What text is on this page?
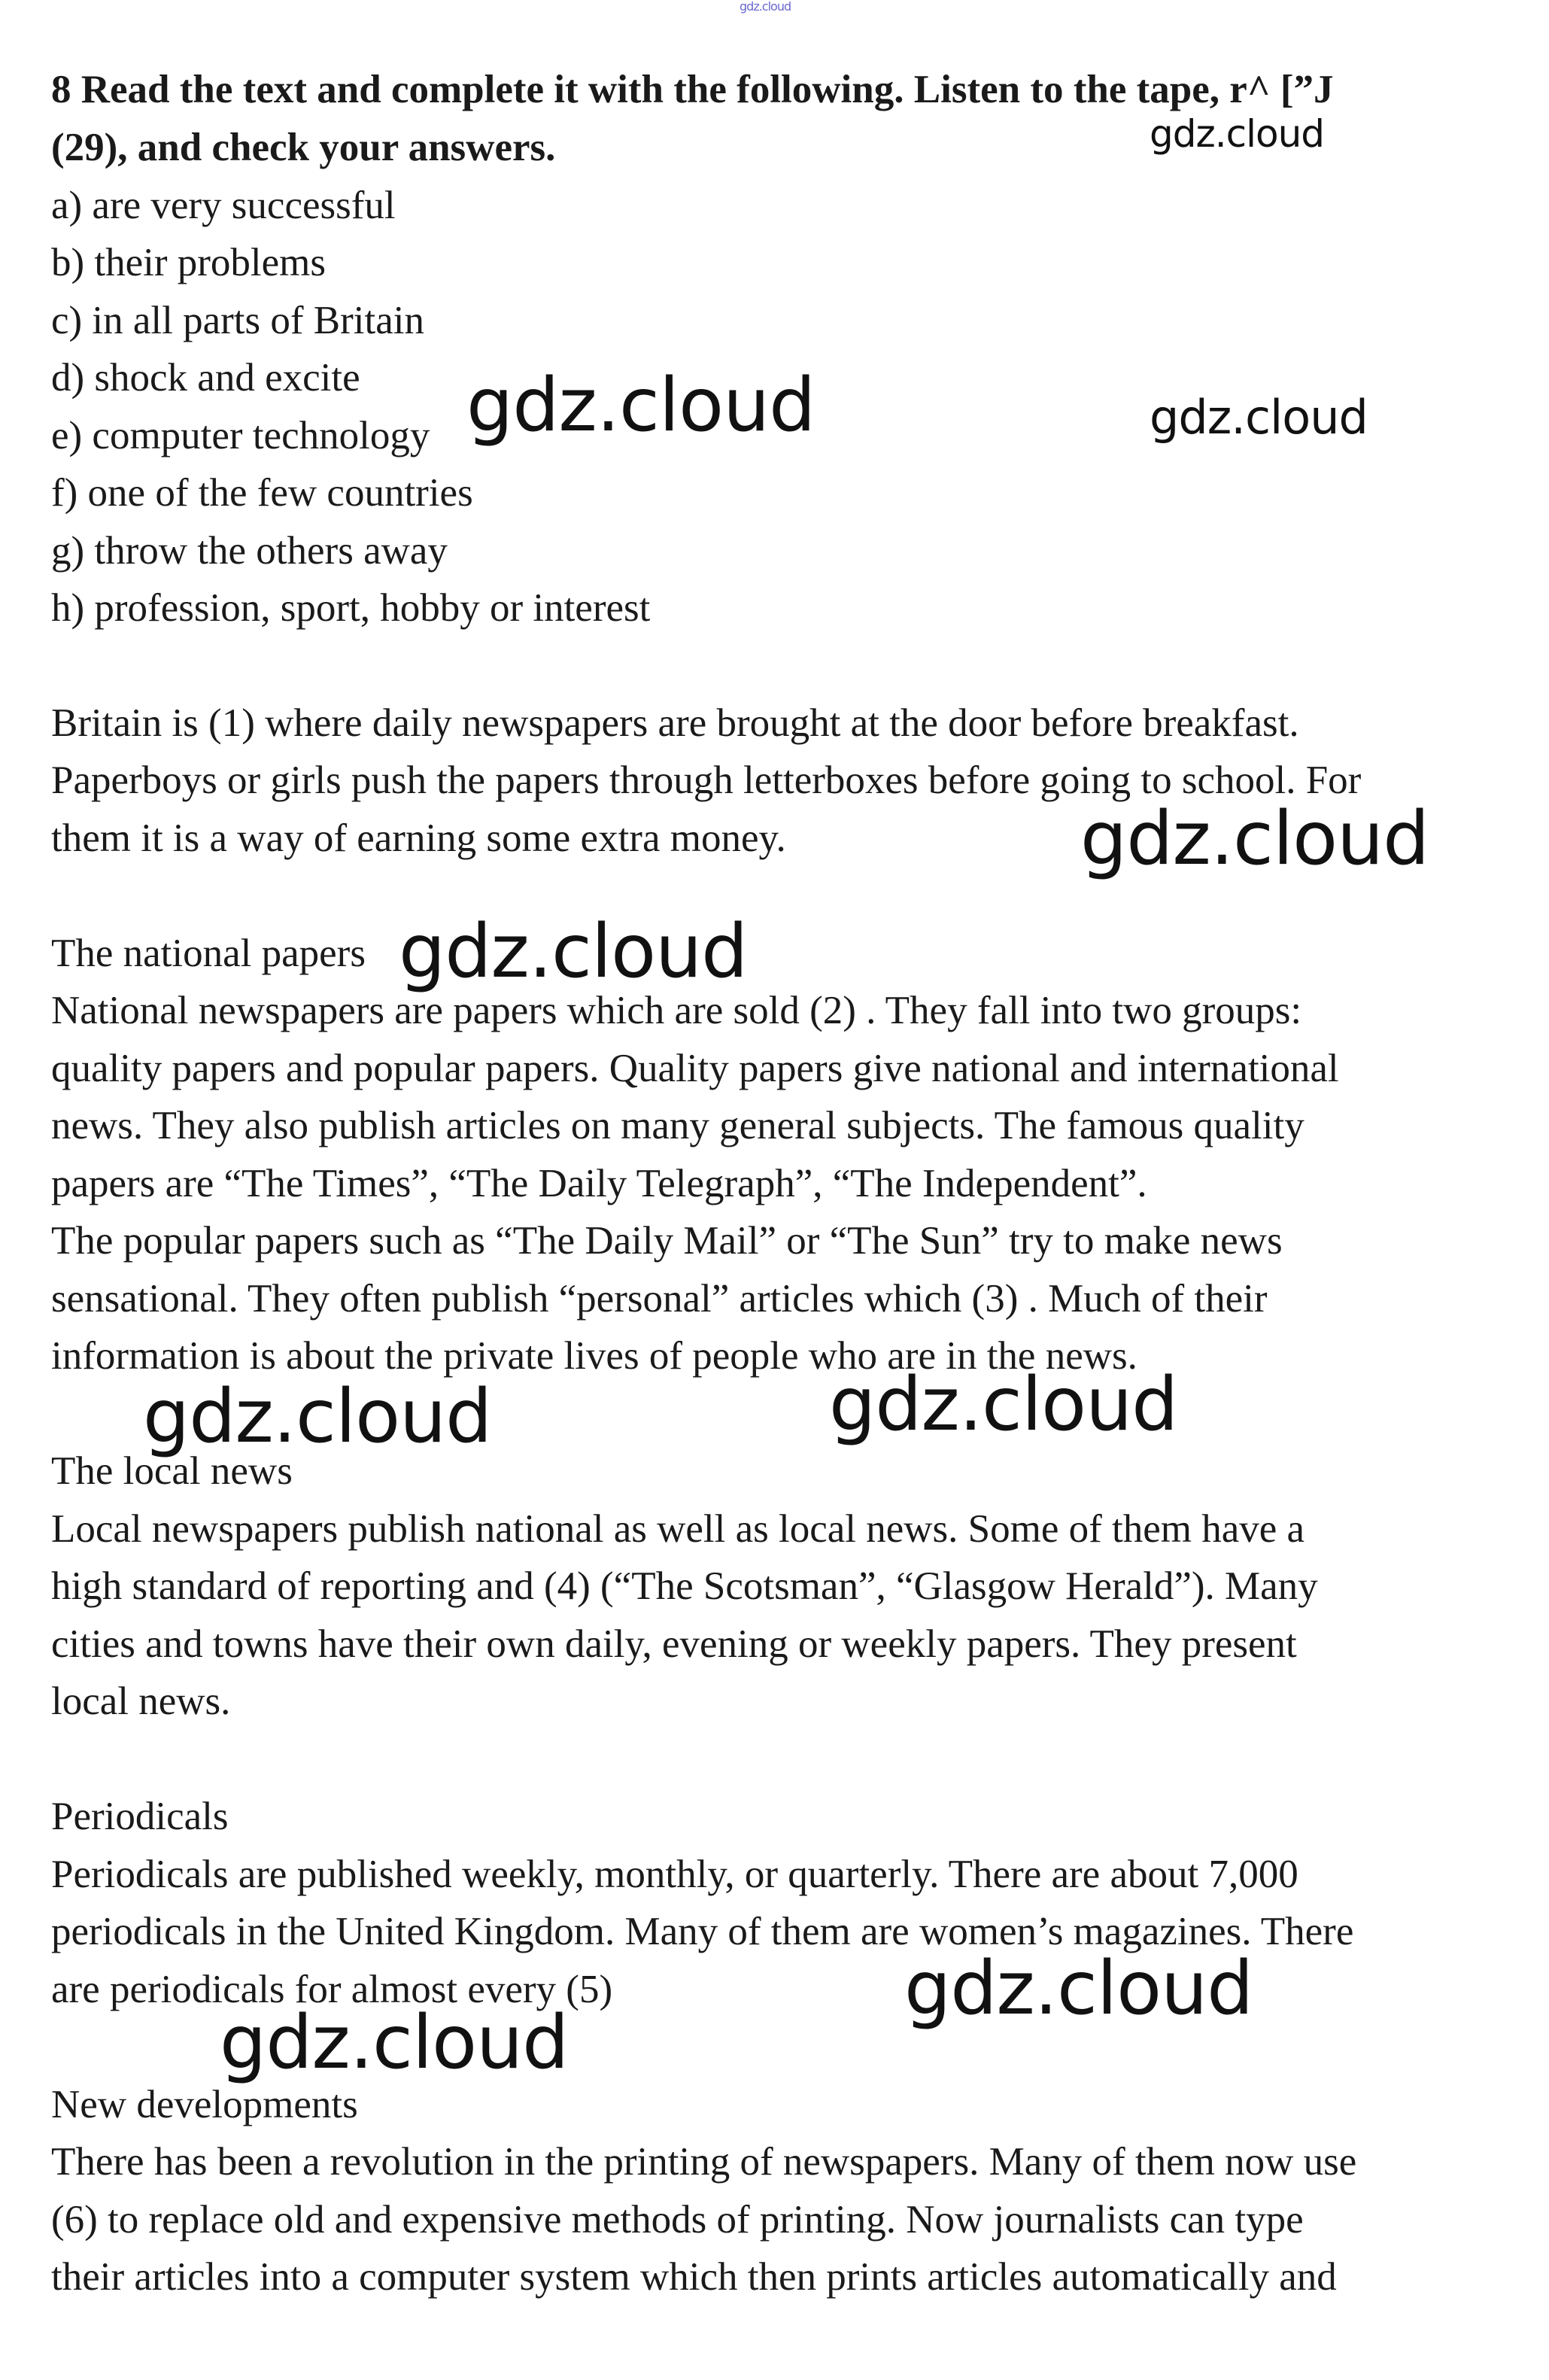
gdz.cloud
8 Read the text and complete it with the following. Listen to the tape, r^ [”J
(29), and check your answers.
a) are very successful
b) their problems
c) in all parts of Britain
d) shock and excite
e) computer technology
f) one of the few countries
g) throw the others away
h) profession, sport, hobby or interest
Britain is (1) where daily newspapers are brought at the door before breakfast.
Paperboys or girls push the papers through letterboxes before going to school. For
them it is a way of earning some extra money.
The national papers
National newspapers are papers which are sold (2) . They fall into two groups:
quality papers and popular papers. Quality papers give national and international
news. They also publish articles on many general subjects. The famous quality
papers are “The Times”, “The Daily Telegraph”, “The Independent”.
The popular papers such as “The Daily Mail” or “The Sun” try to make news
sensational. They often publish “personal” articles which (3) . Much of their
information is about the private lives of people who are in the news.
The local news
Local newspapers publish national as well as local news. Some of them have a
high standard of reporting and (4) (“The Scotsman”, “Glasgow Herald”). Many
cities and towns have their own daily, evening or weekly papers. They present
local news.
Periodicals
Periodicals are published weekly, monthly, or quarterly. There are about 7,000
periodicals in the United Kingdom. Many of them are women’s magazines. There
are periodicals for almost every (5)
New developments
There has been a revolution in the printing of newspapers. Many of them now use
(6) to replace old and expensive methods of printing. Now journalists can type
their articles into a computer system which then prints articles automatically and
gdz.cloud
gdz.cloud	gdz.cloud
gdz.cloud
gdz.cloud
gdz.cloud	gdz.cloud
gdz.cloud
gdz.cloud
